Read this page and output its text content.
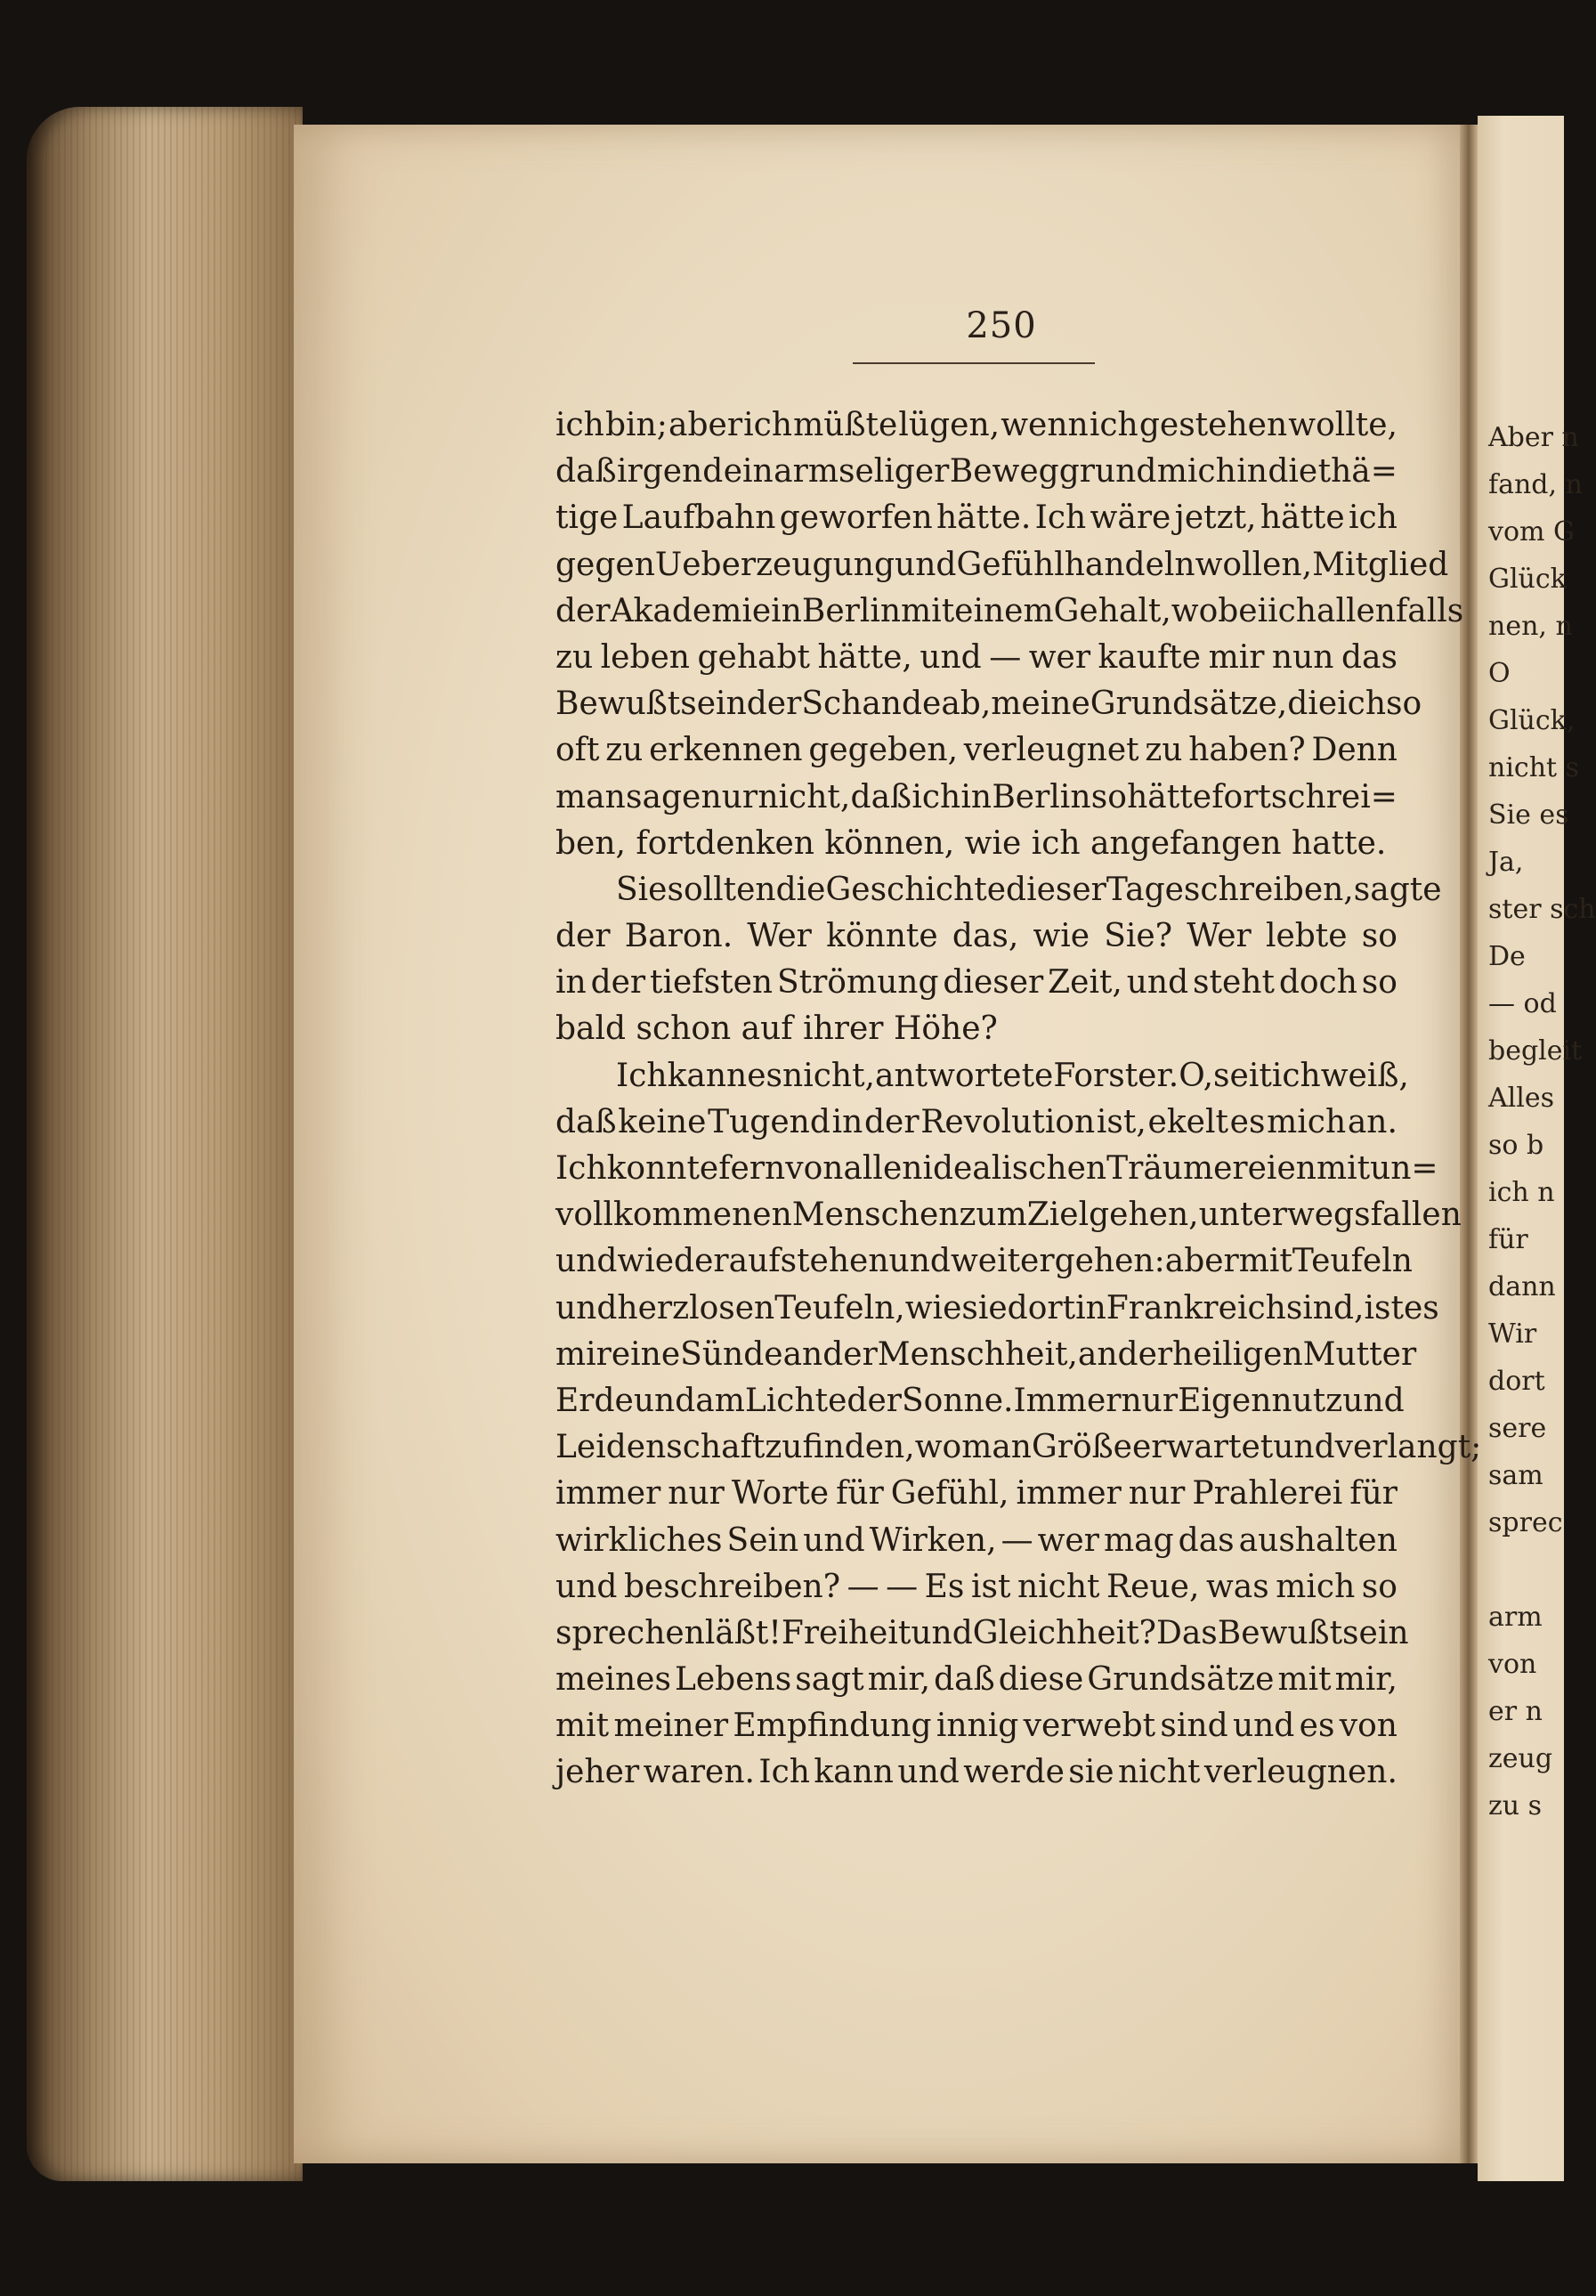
Aber n
fand, n
vom G
Glück
nen, n
O
Glück,
nicht s
Sie es
Ja,
ster sch
De
— od
begleit
Alles
so b
ich n
für
dann
Wir
dort
sere
sam
sprec
arm
von
er n
zeug
zu s
250
ich bin; aber ich müßte lügen, wenn ich gestehen wollte,
daß irgend ein armseliger Beweggrund mich in die thä=
tige Laufbahn geworfen hätte. Ich wäre jetzt, hätte ich
gegen Ueberzeugung und Gefühl handeln wollen, Mitglied
der Akademie in Berlin mit einem Gehalt, wobei ich allenfalls
zu leben gehabt hätte, und — wer kaufte mir nun das
Bewußtsein der Schande ab, meine Grundsätze, die ich so
oft zu erkennen gegeben, verleugnet zu haben? Denn
man sage nur nicht, daß ich in Berlin so hätte fortschrei=
ben, fortdenken können, wie ich angefangen hatte.
Sie sollten die Geschichte dieser Tage schreiben, sagte
der Baron. Wer könnte das, wie Sie? Wer lebte so
in der tiefsten Strömung dieser Zeit, und steht doch so
bald schon auf ihrer Höhe?
Ich kann es nicht, antwortete Forster. O, seit ich weiß,
daß keine Tugend in der Revolution ist, ekelt es mich an.
Ich konnte fern von allen idealischen Träumereien mit un=
vollkommenen Menschen zum Ziel gehen, unterwegs fallen
und wieder aufstehen und weiter gehen: aber mit Teufeln
und herzlosen Teufeln, wie sie dort in Frankreich sind, ist es
mir eine Sünde an der Menschheit, an der heiligen Mutter
Erde und am Lichte der Sonne. Immer nur Eigennutz und
Leidenschaft zu finden, wo man Größe erwartet und verlangt;
immer nur Worte für Gefühl, immer nur Prahlerei für
wirkliches Sein und Wirken, — wer mag das aushalten
und beschreiben? — — Es ist nicht Reue, was mich so
sprechen läßt! Freiheit und Gleichheit? Das Bewußtsein
meines Lebens sagt mir, daß diese Grundsätze mit mir,
mit meiner Empfindung innig verwebt sind und es von
jeher waren. Ich kann und werde sie nicht verleugnen.
